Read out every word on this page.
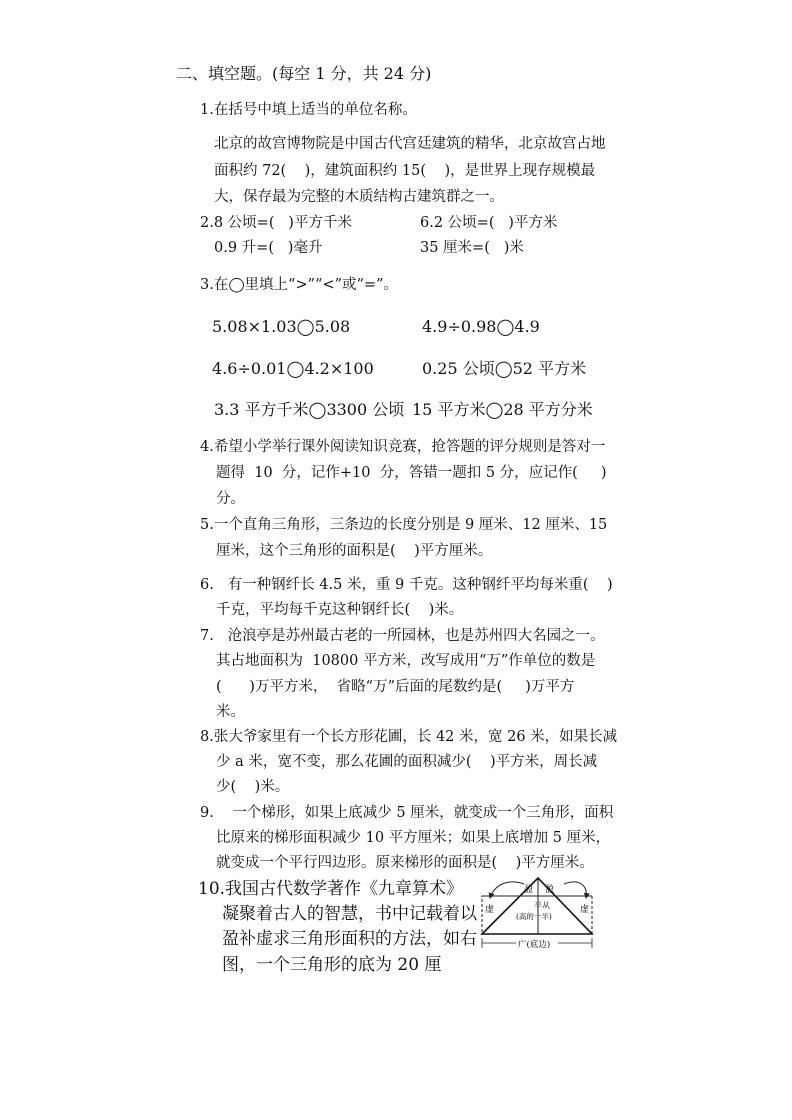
二、填空题。(每空 1 分，共 24 分)
1.在括号中填上适当的单位名称。
北京的故宫博物院是中国古代宫廷建筑的精华，北京故宫占地
面积约 72(    )，建筑面积约 15(    )，是世界上现存规模最
大，保存最为完整的木质结构古建筑群之一。
2.8 公顷=(   )平方千米	6.2 公顷=(   )平方米
0.9 升=(   )毫升	35 厘米=(   )米
3.在◯里填上“>”“<”或“=”。
5.08×1.03◯5.08	4.9÷0.98◯4.9
4.6÷0.01◯4.2×100	0.25 公顷◯52 平方米
3.3 平方千米◯3300 公顷 15 平方米◯28 平方分米
4.希望小学举行课外阅读知识竞赛，抢答题的评分规则是答对一
题得  10  分，记作+10  分，答错一题扣 5 分，应记作(     )
分。
5.一个直角三角形，三条边的长度分别是 9 厘米、12 厘米、15
厘米，这个三角形的面积是(    )平方厘米。
6.   有一种钢纤长 4.5 米，重 9 千克。这种钢纤平均每米重(    )
千克，平均每千克这种钢纤长(    )米。
7.   沧浪亭是苏州最古老的一所园林，也是苏州四大名园之一。
其占地面积为  10800 平方米，改写成用“万”作单位的数是
(      )万平方米，  省略“万”后面的尾数约是(     )万平方
米。
8.张大爷家里有一个长方形花圃，长 42 米，宽 26 米，如果长减
少 a 米，宽不变，那么花圃的面积减少(    )平方米，周长减
少(    )米。
9.    一个梯形，如果上底减少 5 厘米，就变成一个三角形，面积
比原来的梯形面积减少 10 平方厘米；如果上底增加 5 厘米，
就变成一个平行四边形。原来梯形的面积是(    )平方厘米。
10.我国古代数学著作《九章算术》
凝聚着古人的智慧，书中记载着以
盈补虚求三角形面积的方法，如右
图，一个三角形的底为 20 厘
盈 盈
虚	虚
半从
(高的一半)
广(底边)
